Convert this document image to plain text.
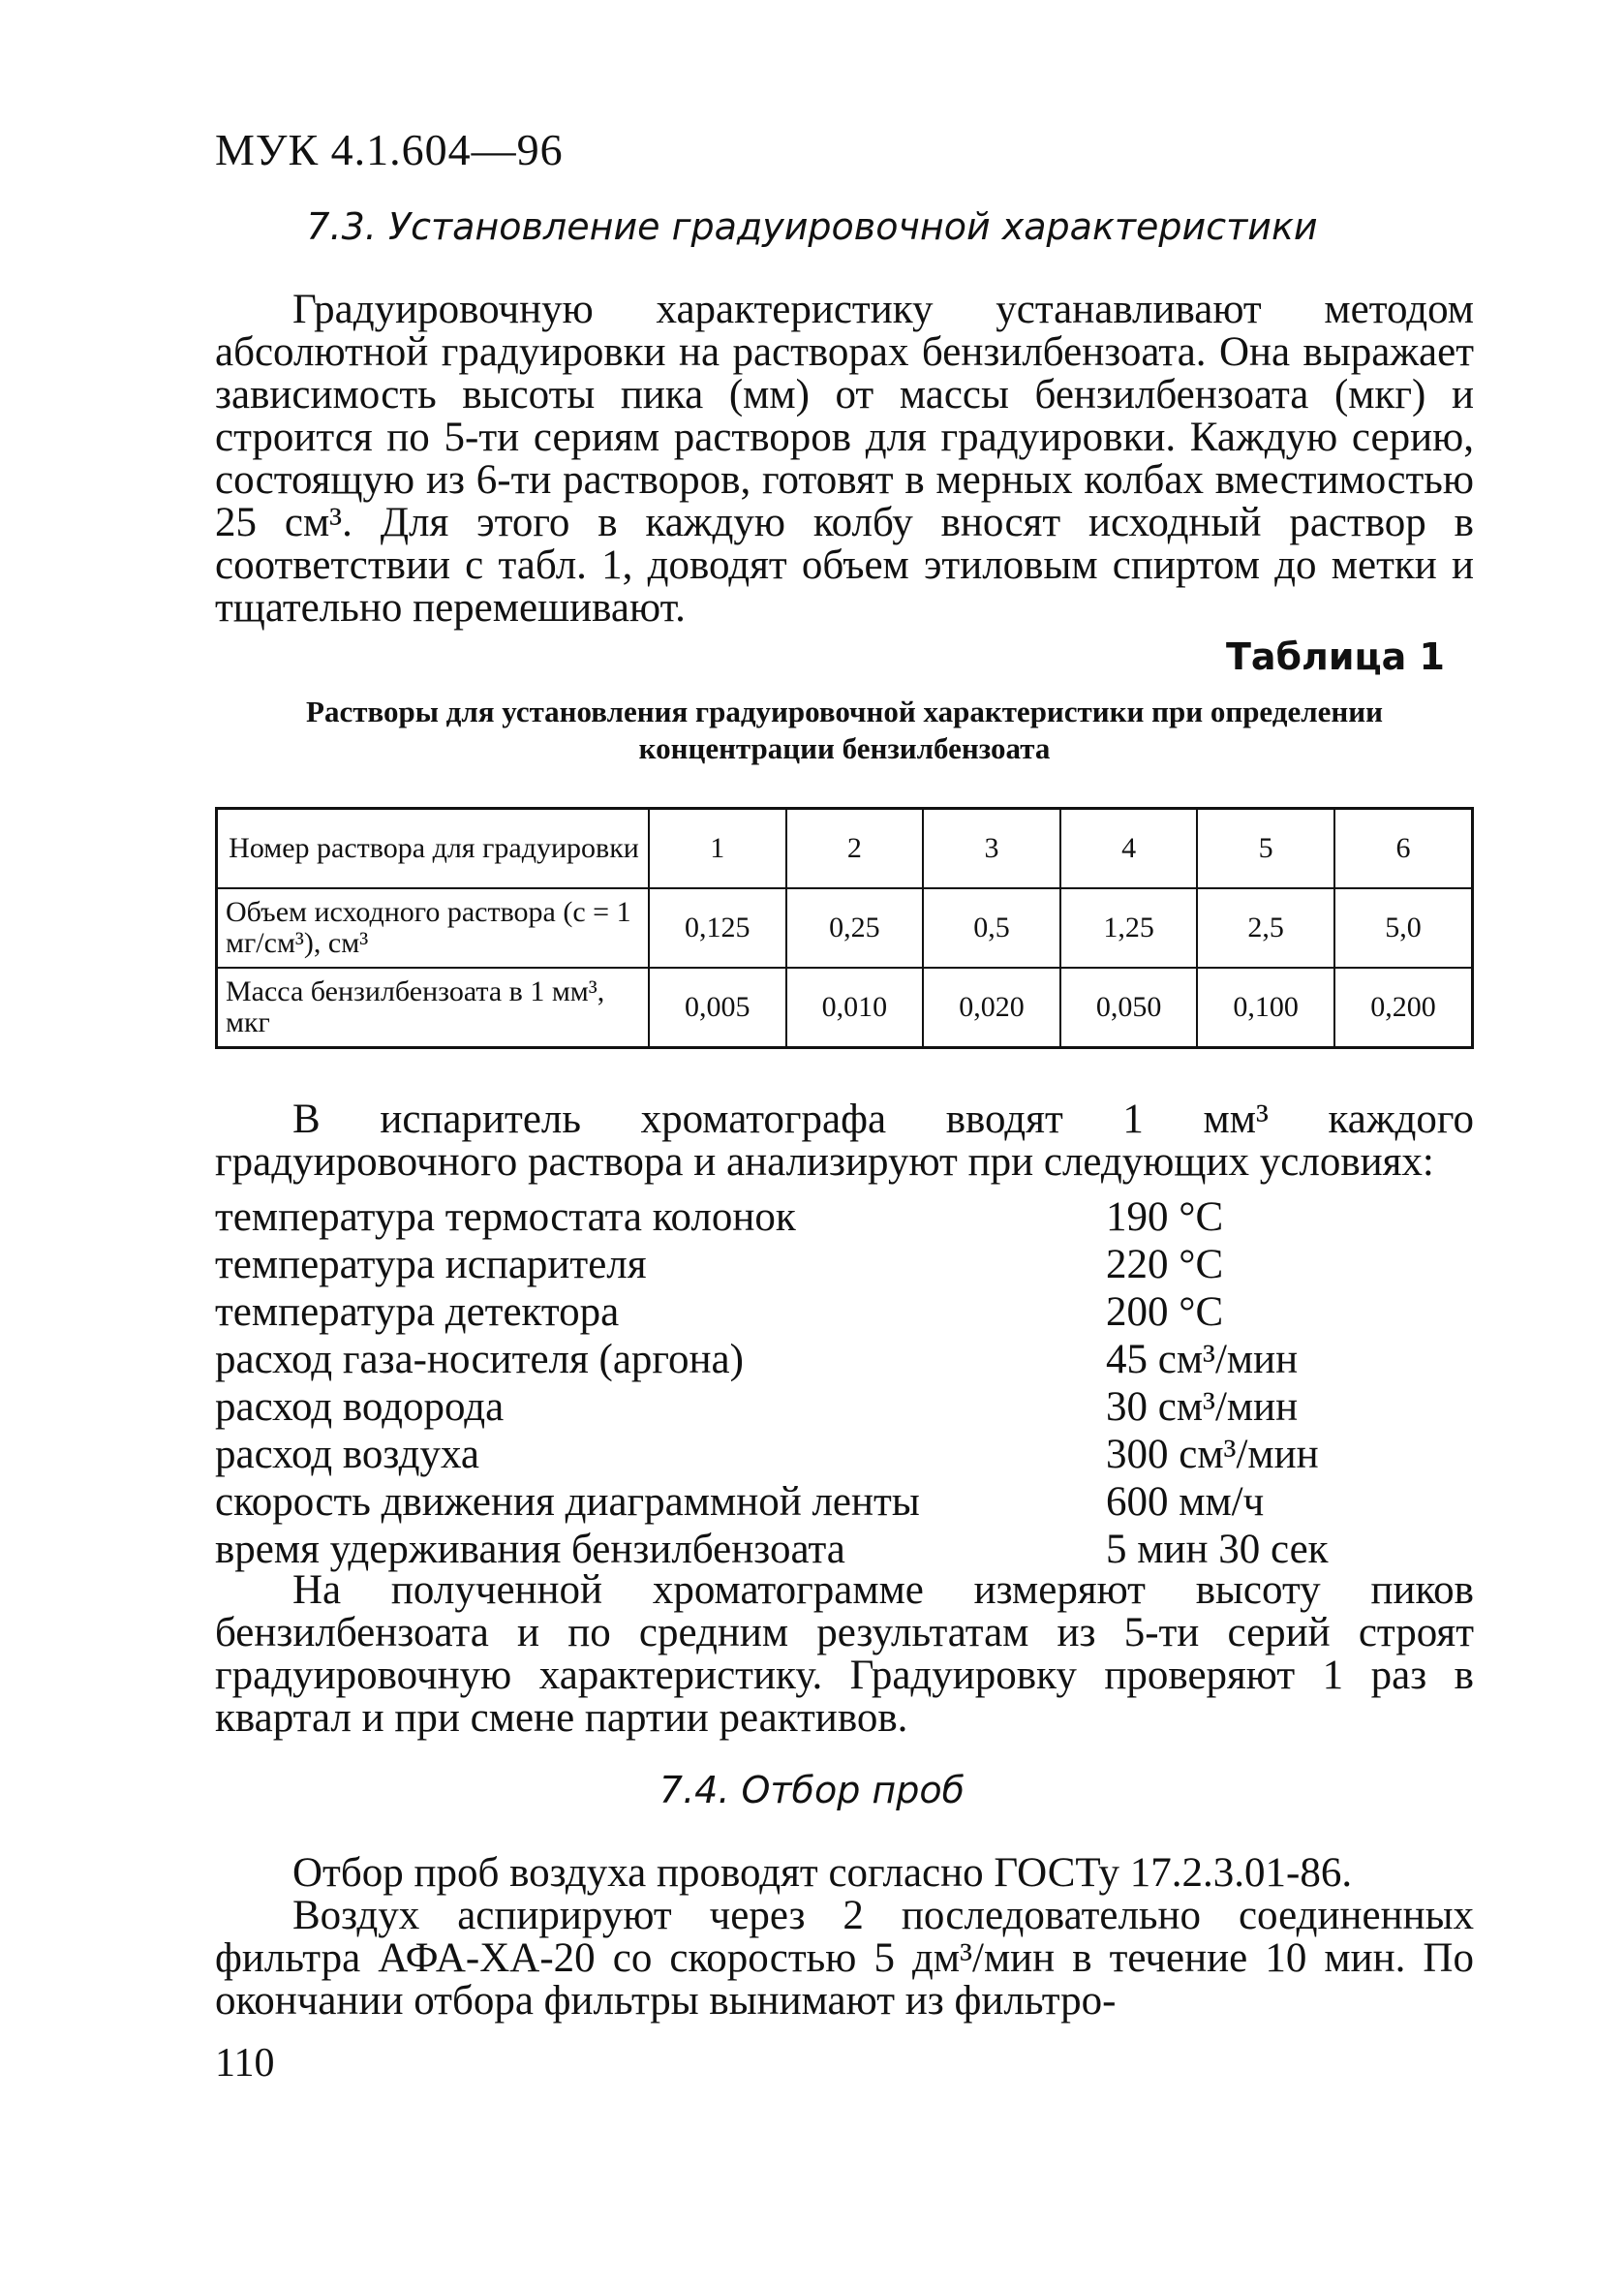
МУК 4.1.604—96
7.3. Установление градуировочной характеристики

Градуировочную характеристику устанавливают методом абсолютной градуировки на растворах бензилбензоата. Она выражает зависимость высоты пика (мм) от массы бензилбензоата (мкг) и строится по 5-ти сериям растворов для градуировки. Каждую серию, состоящую из 6-ти растворов, готовят в мерных колбах вместимостью 25 см³. Для этого в каждую колбу вносят исходный раствор в соответствии с табл. 1, доводят объем этиловым спиртом до метки и тщательно перемешивают.

Таблица 1
Растворы для установления градуировочной характеристики при определении концентрации бензилбензоата
Номер раствора для градуировки	1	2	3	4	5	6
Объем исходного раствора (с = 1 мг/см³), см³	0,125	0,25	0,5	1,25	2,5	5,0
Масса бензилбензоата в 1 мм³, мкг	0,005	0,010	0,020	0,050	0,100	0,200

В испаритель хроматографа вводят 1 мм³ каждого градуировочного раствора и анализируют при следующих условиях:

температура термостата колонок	190 °С
температура испарителя	220 °С
температура детектора	200 °С
расход газа-носителя (аргона)	45 см³/мин
расход водорода	30 см³/мин
расход воздуха	300 см³/мин
скорость движения диаграммной ленты	600 мм/ч
время удерживания бензилбензоата	5 мин 30 сек

На полученной хроматограмме измеряют высоту пиков бензилбензоата и по средним результатам из 5-ти серий строят градуировочную характеристику. Градуировку проверяют 1 раз в квартал и при смене партии реактивов.

7.4. Отбор проб

Отбор проб воздуха проводят согласно ГОСТу 17.2.3.01-86.

Воздух аспирируют через 2 последовательно соединенных фильтра АФА-ХА-20 со скоростью 5 дм³/мин в течение 10 мин. По окончании отбора фильтры вынимают из фильтро-

110
